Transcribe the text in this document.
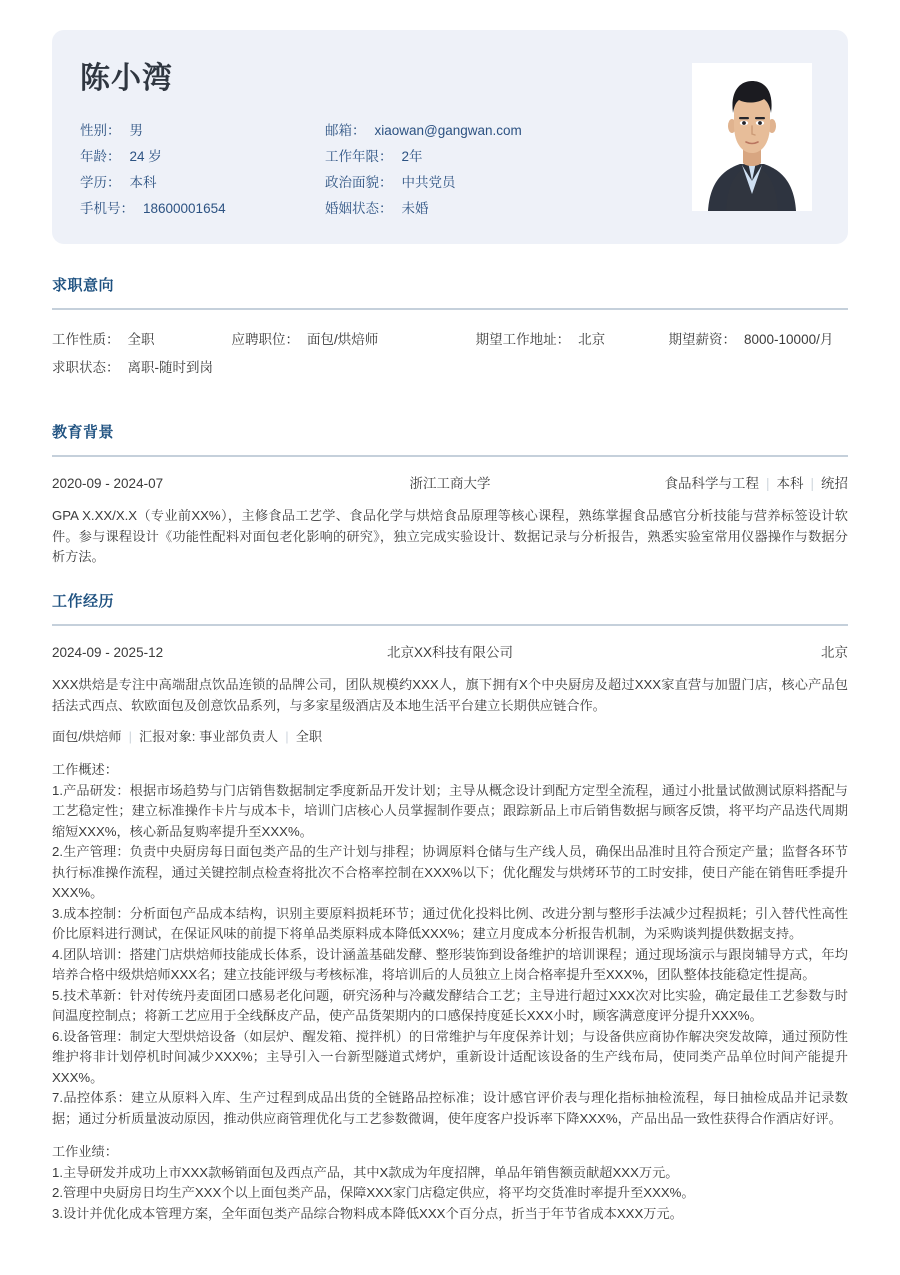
陈小湾
性别： 男	邮箱： xiaowan@gangwan.com
年龄： 24 岁	工作年限： 2年
学历： 本科	政治面貌： 中共党员
手机号： 18600001654	婚姻状态： 未婚
求职意向
工作性质： 全职	应聘职位： 面包/烘焙师	期望工作地址： 北京	期望薪资： 8000-10000/月
求职状态： 离职-随时到岗
教育背景
2020-09 - 2024-07	浙江工商大学	食品科学与工程 | 本科 | 统招
GPA X.XX/X.X（专业前XX%），主修食品工艺学、食品化学与烘焙食品原理等核心课程，熟练掌握食品感官分析技能与营养标签设计软件。参与课程设计《功能性配料对面包老化影响的研究》，独立完成实验设计、数据记录与分析报告，熟悉实验室常用仪器操作与数据分析方法。
工作经历
2024-09 - 2025-12	北京XX科技有限公司	北京
XXX烘焙是专注中高端甜点饮品连锁的品牌公司，团队规模约XXX人，旗下拥有X个中央厨房及超过XXX家直营与加盟门店，核心产品包括法式西点、软欧面包及创意饮品系列，与多家星级酒店及本地生活平台建立长期供应链合作。
面包/烘焙师 | 汇报对象: 事业部负责人 | 全职
工作概述：
1.产品研发：根据市场趋势与门店销售数据制定季度新品开发计划；主导从概念设计到配方定型全流程，通过小批量试做测试原料搭配与工艺稳定性；建立标准操作卡片与成本卡，培训门店核心人员掌握制作要点；跟踪新品上市后销售数据与顾客反馈，将平均产品迭代周期缩短XXX%，核心新品复购率提升至XXX%。
2.生产管理：负责中央厨房每日面包类产品的生产计划与排程；协调原料仓储与生产线人员，确保出品准时且符合预定产量；监督各环节执行标准操作流程，通过关键控制点检查将批次不合格率控制在XXX%以下；优化醒发与烘烤环节的工时安排，使日产能在销售旺季提升XXX%。
3.成本控制：分析面包产品成本结构，识别主要原料损耗环节；通过优化投料比例、改进分割与整形手法减少过程损耗；引入替代性高性价比原料进行测试，在保证风味的前提下将单品类原料成本降低XXX%；建立月度成本分析报告机制，为采购谈判提供数据支持。
4.团队培训：搭建门店烘焙师技能成长体系，设计涵盖基础发酵、整形装饰到设备维护的培训课程；通过现场演示与跟岗辅导方式，年均培养合格中级烘焙师XXX名；建立技能评级与考核标准，将培训后的人员独立上岗合格率提升至XXX%，团队整体技能稳定性提高。
5.技术革新：针对传统丹麦面团口感易老化问题，研究汤种与冷藏发酵结合工艺；主导进行超过XXX次对比实验，确定最佳工艺参数与时间温度控制点；将新工艺应用于全线酥皮产品，使产品货架期内的口感保持度延长XXX小时，顾客满意度评分提升XXX%。
6.设备管理：制定大型烘焙设备（如层炉、醒发箱、搅拌机）的日常维护与年度保养计划；与设备供应商协作解决突发故障，通过预防性维护将非计划停机时间减少XXX%；主导引入一台新型隧道式烤炉，重新设计适配该设备的生产线布局，使同类产品单位时间产能提升XXX%。
7.品控体系：建立从原料入库、生产过程到成品出货的全链路品控标准；设计感官评价表与理化指标抽检流程，每日抽检成品并记录数据；通过分析质量波动原因，推动供应商管理优化与工艺参数微调，使年度客户投诉率下降XXX%，产品出品一致性获得合作酒店好评。
工作业绩：
1.主导研发并成功上市XXX款畅销面包及西点产品，其中X款成为年度招牌，单品年销售额贡献超XXX万元。
2.管理中央厨房日均生产XXX个以上面包类产品，保障XXX家门店稳定供应，将平均交货准时率提升至XXX%。
3.设计并优化成本管理方案，全年面包类产品综合物料成本降低XXX个百分点，折当于年节省成本XXX万元。
